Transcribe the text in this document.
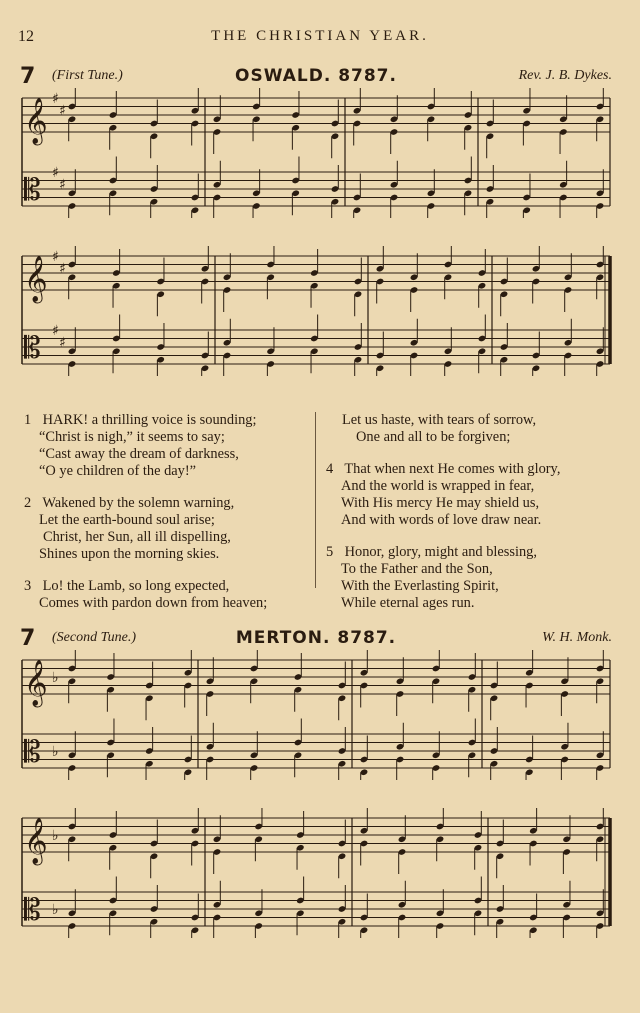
12	THE CHRISTIAN YEAR.
7 (First Tune.)	OSWALD. 8787.	Rev. J. B. Dykes.
𝄞 ♯
♯
𝄡 ♯
♯
𝄞 ♯
♯
𝄡 ♯
♯
1 HARK! a thrilling voice is sounding;
“Christ is nigh,” it seems to say;
“Cast away the dream of darkness,
“O ye children of the day!”
2 Wakened by the solemn warning,
Let the earth-bound soul arise;
Christ, her Sun, all ill dispelling,
Shines upon the morning skies.
3 Lo! the Lamb, so long expected,
Comes with pardon down from heaven;
Let us haste, with tears of sorrow,
One and all to be forgiven;
4 That when next He comes with glory,
And the world is wrapped in fear,
With His mercy He may shield us,
And with words of love draw near.
5 Honor, glory, might and blessing,
To the Father and the Son,
With the Everlasting Spirit,
While eternal ages run.
7 (Second Tune.)	MERTON. 8787.	W. H. Monk.
𝄞 ♭
𝄡 ♭
𝄞 ♭
𝄡 ♭
